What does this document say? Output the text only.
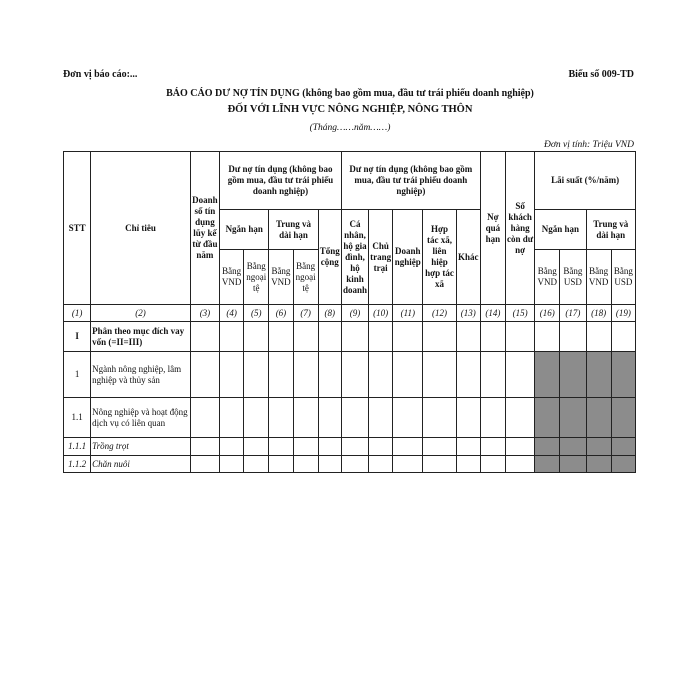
Đơn vị báo cáo:...	Biểu số 009-TD
BÁO CÁO DƯ NỢ TÍN DỤNG (không bao gồm mua, đầu tư trái phiếu doanh nghiệp)
ĐỐI VỚI LĨNH VỰC NÔNG NGHIỆP, NÔNG THÔN
(Tháng……năm……)
Đơn vị tính: Triệu VND
STT	Chỉ tiêu	Doanh số tín dụng lũy kế từ đầu năm	Dư nợ tín dụng (không bao gồm mua, đầu tư trái phiếu doanh nghiệp)					Dư nợ tín dụng (không bao gồm mua, đầu tư trái phiếu doanh nghiệp)					Nợ quá hạn	Số khách hàng còn dư nợ	Lãi suất (%/năm)			
			Ngắn hạn		Trung và dài hạn		Tổng cộng	Cá nhân, hộ gia đình, hộ kinh doanh	Chủ trang trại	Doanh nghiệp	Hợp tác xã, liên hiệp hợp tác xã	Khác			Ngắn hạn		Trung và dài hạn	
			Bằng VND	Bằng ngoại tệ	Bằng VND	Bằng ngoại tệ									Bằng VND	Bằng USD	Bằng VND	Bằng USD
(1)	(2)	(3)	(4)	(5)	(6)	(7)	(8)	(9)	(10)	(11)	(12)	(13)	(14)	(15)	(16)	(17)	(18)	(19)
I	Phân theo mục đích vay vốn (=II=III)																	
1	Ngành nông nghiệp, lâm nghiệp và thủy sản																	
1.1	Nông nghiệp và hoạt động dịch vụ có liên quan																	
1.1.1	Trồng trọt																	
1.1.2	Chăn nuôi																	
